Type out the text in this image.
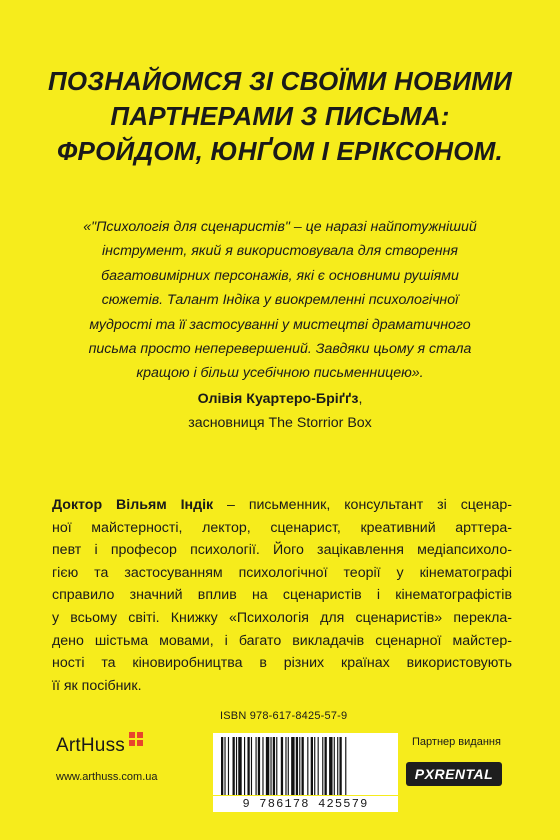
ПОЗНАЙОМСЯ ЗІ СВОЇМИ НОВИМИ
ПАРТНЕРАМИ З ПИСЬМА:
ФРОЙДОМ, ЮНҐОМ І ЕРІКСОНОМ.
«"Психологія для сценаристів" – це наразі найпотужніший
інструмент, який я використовувала для створення
багатовимірних персонажів, які є основними рушіями
сюжетів. Талант Індіка у виокремленні психологічної
мудрості та її застосуванні у мистецтві драматичного
письма просто неперевершений. Завдяки цьому я стала
кращою і більш усебічною письменницею».
Олівія Куартеро-Бріґґз,
засновниця The Storrior Box
Доктор Вільям Індік – письменник, консультант зі сценар-
ної майстерності, лектор, сценарист, креативний арттера-
певт і професор психології. Його зацікавлення медіапсихоло-
гією та застосуванням психологічної теорії у кінематографі
справило значний вплив на сценаристів і кінематографістів
у всьому світі. Книжку «Психологія для сценаристів» перекла-
дено шістьма мовами, і багато викладачів сценарної майстер-
ності та кіновиробництва в різних країнах використовують
її як посібник.
ISBN 978-617-8425-57-9
9 786178 425579
ArtHuss
www.arthuss.com.ua
Партнер видання
PX RENTAL
